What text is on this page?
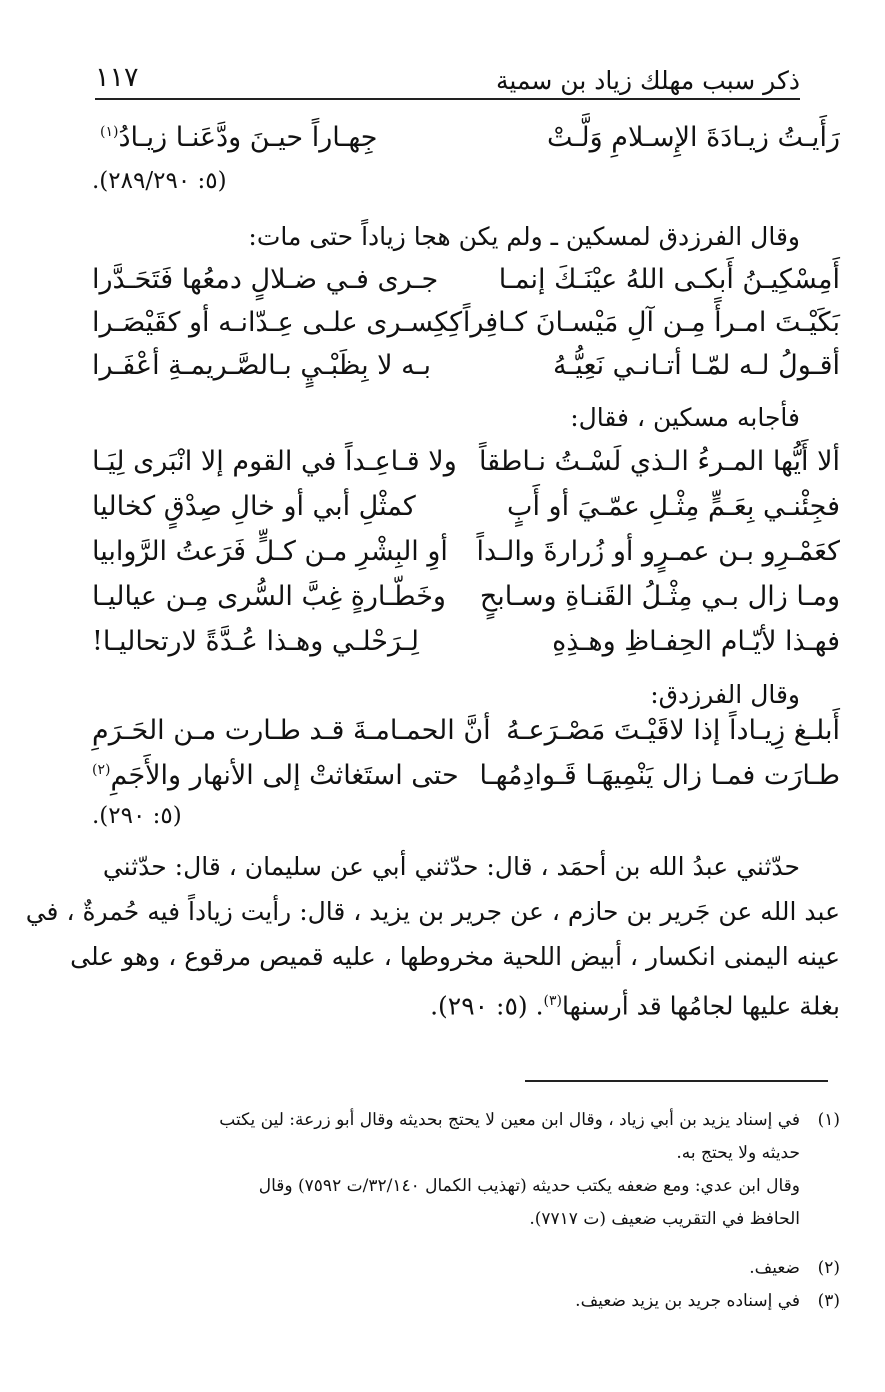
ذكر سبب مهلك زياد بن سمية
١١٧
رَأَيـتُ زيـادَةَ الإِسـلامِ وَلَّـتْ
جِهـاراً حيـنَ ودَّعَنـا زيـادُ$^{(١)}$
(٥: ٢٨٩/٢٩٠).
وقال الفرزدق لمسكين ـ ولم يكن هجا زياداً حتى مات:
أَمِسْكِيـنُ أَبكـى اللهُ عيْنَـكَ إنمـا
جـرى فـي ضـلالٍ دمعُها فَتَحَـدَّرا
بَكَيْـتَ امـرأً مِـن آلِ مَيْسـانَ كـافِراً
كِكِسـرى علـى عِـدّانـه أو كقَيْصَـرا
أقـولُ لـه لمّـا أتـانـي نَعِيُّـهُ
بـه لا بِظَبْـيٍ بـالصَّـريمـةِ أعْفَـرا
فأجابه مسكين ، فقال:
ألا أَيُّها المـرءُ الـذي لَسْـتُ نـاطقاً
ولا قـاعِـداً في القوم إلا انْبَرى لِيَـا
فجِئْنـي بِعَـمٍّ مِثْـلِ عمّـيَ أو أَبٍ
كمثْلِ أبي أو خالِ صِدْقٍ كخاليا
كعَمْـرِو بـن عمـرٍو أو زُرارةَ والـداً
أوِ البِشْرِ مـن كـلٍّ فَرَعتُ الرَّوابيا
ومـا زال بـي مِثْـلُ القَنـاةِ وسـابحٍ
وخَطّـارةٍ غِبَّ السُّرى مِـن عياليـا
فهـذا لأيّـام الحِفـاظِ وهـذِهِ
لِـرَحْلـي وهـذا عُـدَّةً لارتحاليـا!
وقال الفرزدق:
أَبلـغ زِيـاداً إذا لاقَيْـتَ مَصْـرَعـهُ
أنَّ الحمـامـةَ قـد طـارت مـن الحَـرَمِ
طـارَت فمـا زال يَنْمِيهَـا قَـوادِمُهـا
حتى استَغاثتْ إلى الأنهار والأَجَمِ$^{(٢)}$
(٥: ٢٩٠).
حدّثني عبدُ الله بن أحمَد ، قال: حدّثني أبي عن سليمان ، قال: حدّثني
عبد الله عن جَرير بن حازم ، عن جرير بن يزيد ، قال: رأيت زياداً فيه حُمرةٌ ، في
عينه اليمنى انكسار ، أبيض اللحية مخروطها ، عليه قميص مرقوع ، وهو على
بغلة عليها لجامُها قد أرسنها$^{(٣)}$. (٥: ٢٩٠).
(١)
في إسناد يزيد بن أبي زياد ، وقال ابن معين لا يحتج بحديثه وقال أبو زرعة: لين يكتب
حديثه ولا يحتج به.
وقال ابن عدي: ومع ضعفه يكتب حديثه (تهذيب الكمال ٣٢/١٤٠/ت ٧٥٩٢) وقال
الحافظ في التقريب ضعيف (ت ٧٧١٧).
(٢)
ضعيف.
(٣)
في إسناده جريد بن يزيد ضعيف.
